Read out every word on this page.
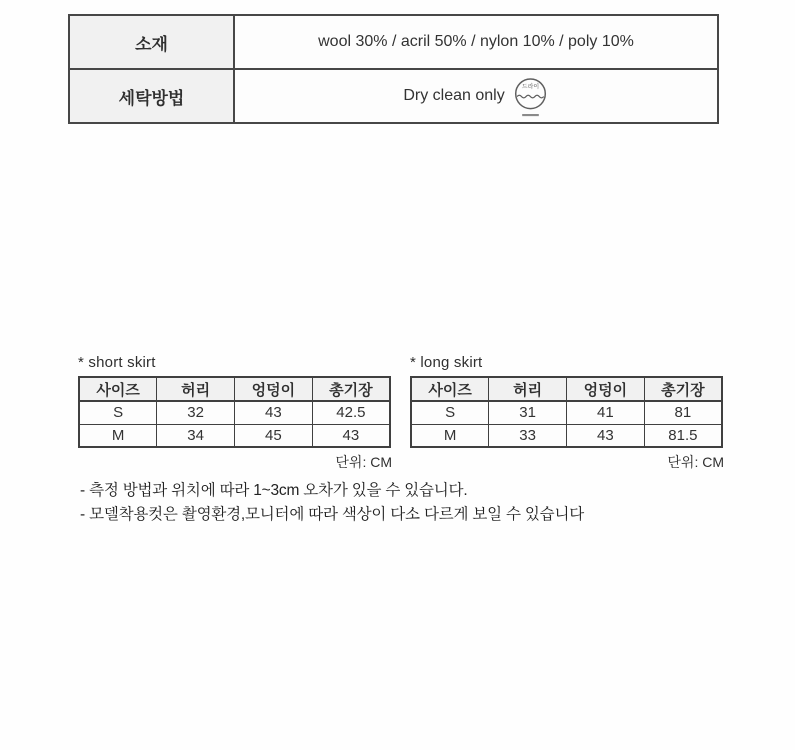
소재	wool 30% / acril 50% / nylon 10% / poly 10%
세탁방법	Dry clean only 드라이
* short skirt
사이즈	허리	엉덩이	총기장
S	32	43	42.5
M	34	45	43
단위: CM
* long skirt
사이즈	허리	엉덩이	총기장
S	31	41	81
M	33	43	81.5
단위: CM
- 측정 방법과 위치에 따라 1~3cm 오차가 있을 수 있습니다.
- 모델착용컷은 촬영환경,모니터에 따라 색상이 다소 다르게 보일 수 있습니다
